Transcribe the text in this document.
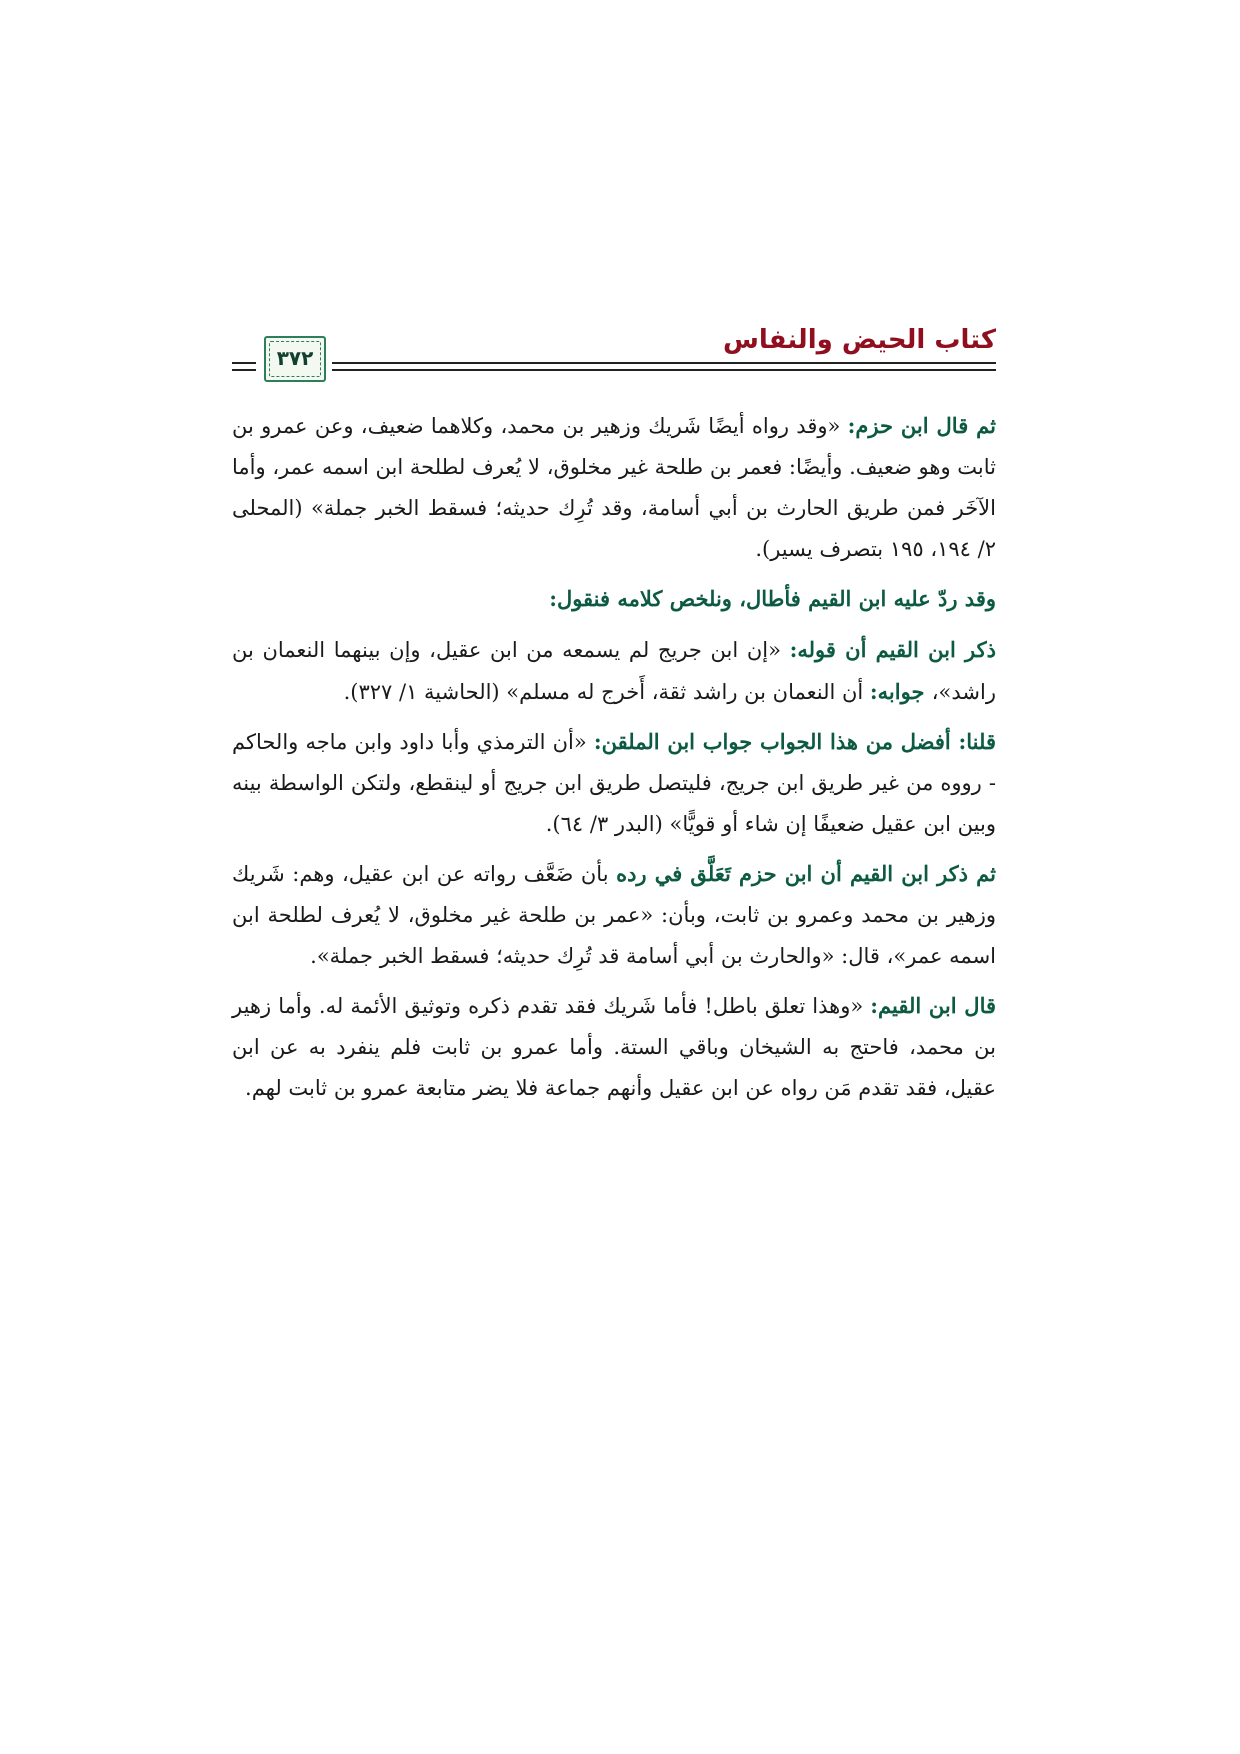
كتاب الحيض والنفاس
٣٧٢

ثم قال ابن حزم: «وقد رواه أيضًا شَريك وزهير بن محمد، وكلاهما ضعيف، وعن عمرو بن ثابت وهو ضعيف. وأيضًا: فعمر بن طلحة غير مخلوق، لا يُعرف لطلحة ابن اسمه عمر، وأما الآخَر فمن طريق الحارث بن أبي أسامة، وقد تُرِك حديثه؛ فسقط الخبر جملة» (المحلى ٢/ ١٩٤، ١٩٥ بتصرف يسير).

وقد ردّ عليه ابن القيم فأطال، ونلخص كلامه فنقول:

ذكر ابن القيم أن قوله: «إن ابن جريج لم يسمعه من ابن عقيل، وإن بينهما النعمان بن راشد»، جوابه: أن النعمان بن راشد ثقة، أَخرج له مسلم» (الحاشية ١/ ٣٢٧).

قلنا: أفضل من هذا الجواب جواب ابن الملقن: «أن الترمذي وأبا داود وابن ماجه والحاكم - رووه من غير طريق ابن جريج، فليتصل طريق ابن جريج أو لينقطع، ولتكن الواسطة بينه وبين ابن عقيل ضعيفًا إن شاء أو قويًّا» (البدر ٣/ ٦٤).

ثم ذكر ابن القيم أن ابن حزم تَعَلَّق في رده بأن ضَعَّف رواته عن ابن عقيل، وهم: شَريك وزهير بن محمد وعمرو بن ثابت، وبأن: «عمر بن طلحة غير مخلوق، لا يُعرف لطلحة ابن اسمه عمر»، قال: «والحارث بن أبي أسامة قد تُرِك حديثه؛ فسقط الخبر جملة».

قال ابن القيم: «وهذا تعلق باطل! فأما شَريك فقد تقدم ذكره وتوثيق الأئمة له. وأما زهير بن محمد، فاحتج به الشيخان وباقي الستة. وأما عمرو بن ثابت فلم ينفرد به عن ابن عقيل، فقد تقدم مَن رواه عن ابن عقيل وأنهم جماعة فلا يضر متابعة عمرو بن ثابت لهم.
